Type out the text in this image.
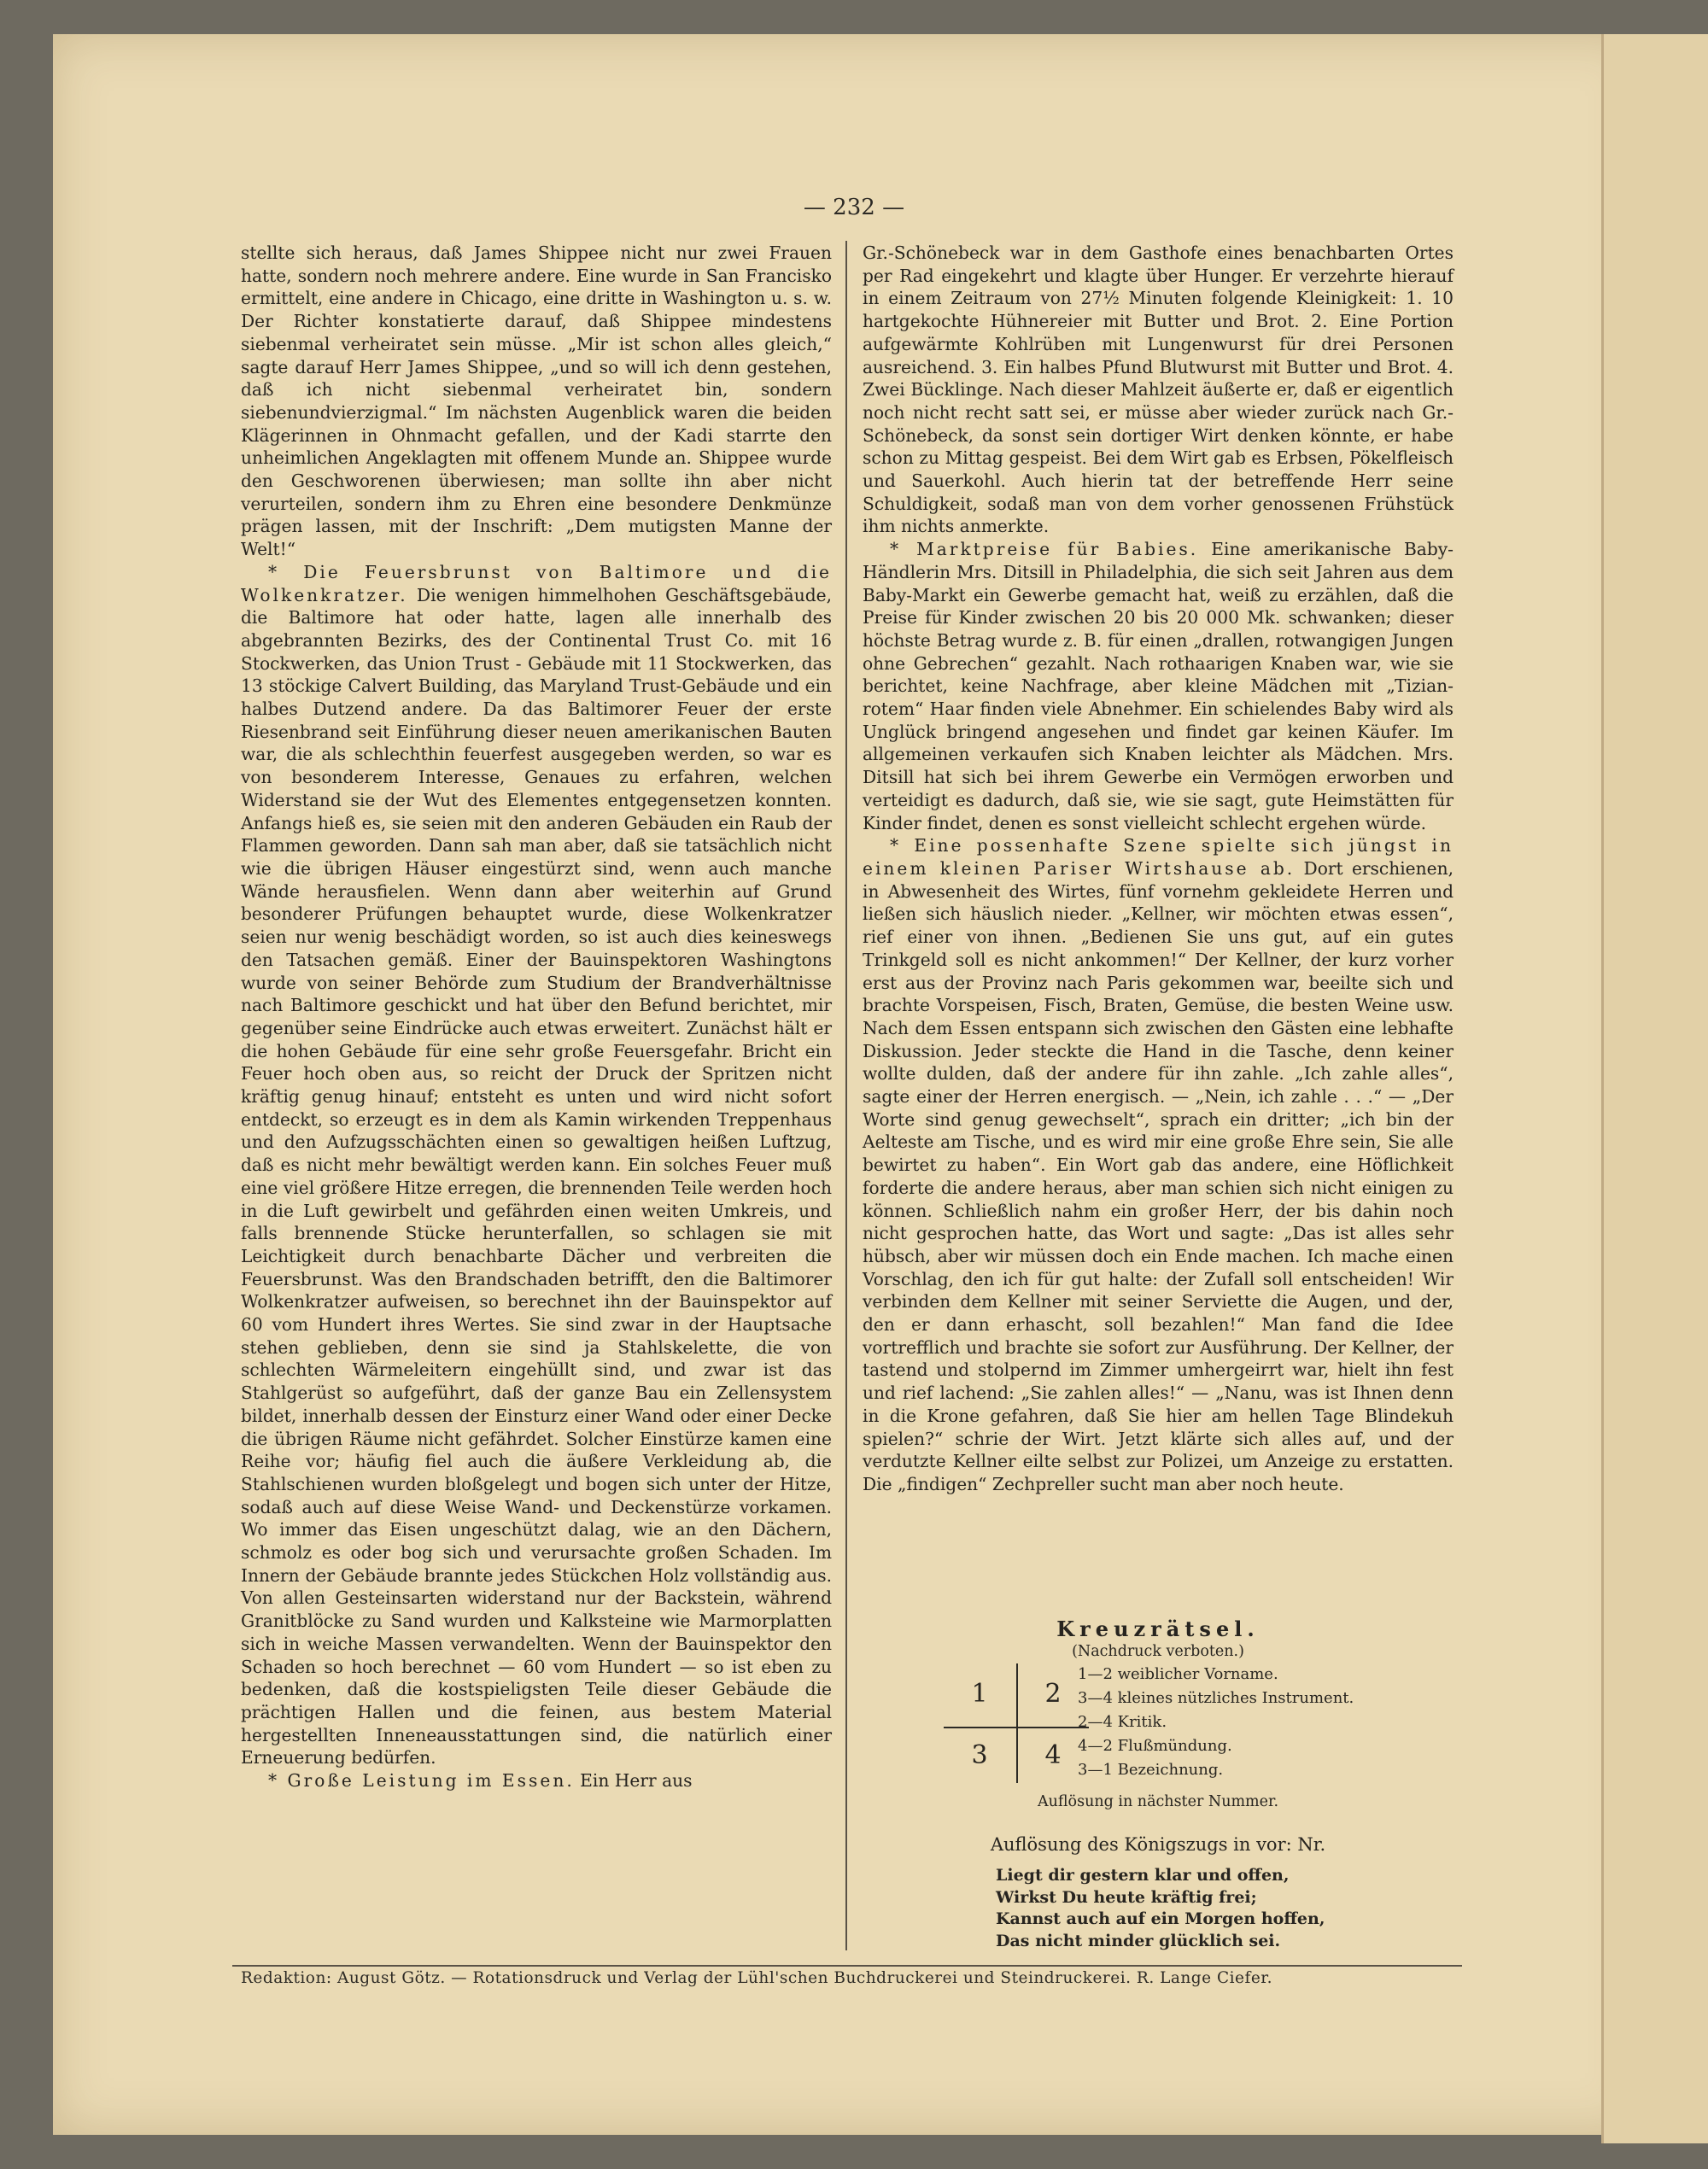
— 232 —

stellte sich heraus, daß James Shippee nicht nur zwei Frauen hatte, sondern noch mehrere andere. Eine wurde in San Francisko ermittelt, eine andere in Chicago, eine dritte in Washington u. s. w. Der Richter konstatierte darauf, daß Shippee mindestens siebenmal verheiratet sein müsse. „Mir ist schon alles gleich,“ sagte darauf Herr James Shippee, „und so will ich denn gestehen, daß ich nicht siebenmal verheiratet bin, sondern siebenundvierzigmal.“ Im nächsten Augenblick waren die beiden Klägerinnen in Ohnmacht gefallen, und der Kadi starrte den unheimlichen Angeklagten mit offenem Munde an. Shippee wurde den Geschworenen überwiesen; man sollte ihn aber nicht verurteilen, sondern ihm zu Ehren eine besondere Denkmünze prägen lassen, mit der Inschrift: „Dem mutigsten Manne der Welt!“

* Die Feuersbrunst von Baltimore und die Wolkenkratzer. Die wenigen himmelhohen Geschäftsgebäude, die Baltimore hat oder hatte, lagen alle innerhalb des abgebrannten Bezirks, des der Continental Trust Co. mit 16 Stockwerken, das Union Trust - Gebäude mit 11 Stockwerken, das 13 stöckige Calvert Building, das Maryland Trust-Gebäude und ein halbes Dutzend andere. Da das Baltimorer Feuer der erste Riesenbrand seit Einführung dieser neuen amerikanischen Bauten war, die als schlechthin feuerfest ausgegeben werden, so war es von besonderem Interesse, Genaues zu erfahren, welchen Widerstand sie der Wut des Elementes entgegensetzen konnten. Anfangs hieß es, sie seien mit den anderen Gebäuden ein Raub der Flammen geworden. Dann sah man aber, daß sie tatsächlich nicht wie die übrigen Häuser eingestürzt sind, wenn auch manche Wände herausfielen. Wenn dann aber weiterhin auf Grund besonderer Prüfungen behauptet wurde, diese Wolkenkratzer seien nur wenig beschädigt worden, so ist auch dies keineswegs den Tatsachen gemäß. Einer der Bauinspektoren Washingtons wurde von seiner Behörde zum Studium der Brandverhältnisse nach Baltimore geschickt und hat über den Befund berichtet, mir gegenüber seine Eindrücke auch etwas erweitert. Zunächst hält er die hohen Gebäude für eine sehr große Feuersgefahr. Bricht ein Feuer hoch oben aus, so reicht der Druck der Spritzen nicht kräftig genug hinauf; entsteht es unten und wird nicht sofort entdeckt, so erzeugt es in dem als Kamin wirkenden Treppenhaus und den Aufzugsschächten einen so gewaltigen heißen Luftzug, daß es nicht mehr bewältigt werden kann. Ein solches Feuer muß eine viel größere Hitze erregen, die brennenden Teile werden hoch in die Luft gewirbelt und gefährden einen weiten Umkreis, und falls brennende Stücke herunterfallen, so schlagen sie mit Leichtigkeit durch benachbarte Dächer und verbreiten die Feuersbrunst. Was den Brandschaden betrifft, den die Baltimorer Wolkenkratzer aufweisen, so berechnet ihn der Bauinspektor auf 60 vom Hundert ihres Wertes. Sie sind zwar in der Hauptsache stehen geblieben, denn sie sind ja Stahlskelette, die von schlechten Wärmeleitern eingehüllt sind, und zwar ist das Stahlgerüst so aufgeführt, daß der ganze Bau ein Zellensystem bildet, innerhalb dessen der Einsturz einer Wand oder einer Decke die übrigen Räume nicht gefährdet. Solcher Einstürze kamen eine Reihe vor; häufig fiel auch die äußere Verkleidung ab, die Stahlschienen wurden bloßgelegt und bogen sich unter der Hitze, sodaß auch auf diese Weise Wand- und Deckenstürze vorkamen. Wo immer das Eisen ungeschützt dalag, wie an den Dächern, schmolz es oder bog sich und verursachte großen Schaden. Im Innern der Gebäude brannte jedes Stückchen Holz vollständig aus. Von allen Gesteinsarten widerstand nur der Backstein, während Granitblöcke zu Sand wurden und Kalksteine wie Marmorplatten sich in weiche Massen verwandelten. Wenn der Bauinspektor den Schaden so hoch berechnet — 60 vom Hundert — so ist eben zu bedenken, daß die kostspieligsten Teile dieser Gebäude die prächtigen Hallen und die feinen, aus bestem Material hergestellten Inneneausstattungen sind, die natürlich einer Erneuerung bedürfen.

* Große Leistung im Essen. Ein Herr aus

Gr.-Schönebeck war in dem Gasthofe eines benachbarten Ortes per Rad eingekehrt und klagte über Hunger. Er verzehrte hierauf in einem Zeitraum von 27½ Minuten folgende Kleinigkeit: 1. 10 hartgekochte Hühnereier mit Butter und Brot. 2. Eine Portion aufgewärmte Kohlrüben mit Lungenwurst für drei Personen ausreichend. 3. Ein halbes Pfund Blutwurst mit Butter und Brot. 4. Zwei Bücklinge. Nach dieser Mahlzeit äußerte er, daß er eigentlich noch nicht recht satt sei, er müsse aber wieder zurück nach Gr.-Schönebeck, da sonst sein dortiger Wirt denken könnte, er habe schon zu Mittag gespeist. Bei dem Wirt gab es Erbsen, Pökelfleisch und Sauerkohl. Auch hierin tat der betreffende Herr seine Schuldigkeit, sodaß man von dem vorher genossenen Frühstück ihm nichts anmerkte.

* Marktpreise für Babies. Eine amerikanische Baby-Händlerin Mrs. Ditsill in Philadelphia, die sich seit Jahren aus dem Baby-Markt ein Gewerbe gemacht hat, weiß zu erzählen, daß die Preise für Kinder zwischen 20 bis 20 000 Mk. schwanken; dieser höchste Betrag wurde z. B. für einen „drallen, rotwangigen Jungen ohne Gebrechen“ gezahlt. Nach rothaarigen Knaben war, wie sie berichtet, keine Nachfrage, aber kleine Mädchen mit „Tizian-rotem“ Haar finden viele Abnehmer. Ein schielendes Baby wird als Unglück bringend angesehen und findet gar keinen Käufer. Im allgemeinen verkaufen sich Knaben leichter als Mädchen. Mrs. Ditsill hat sich bei ihrem Gewerbe ein Vermögen erworben und verteidigt es dadurch, daß sie, wie sie sagt, gute Heimstätten für Kinder findet, denen es sonst vielleicht schlecht ergehen würde.

* Eine possenhafte Szene spielte sich jüngst in einem kleinen Pariser Wirtshause ab. Dort erschienen, in Abwesenheit des Wirtes, fünf vornehm gekleidete Herren und ließen sich häuslich nieder. „Kellner, wir möchten etwas essen“, rief einer von ihnen. „Bedienen Sie uns gut, auf ein gutes Trinkgeld soll es nicht ankommen!“ Der Kellner, der kurz vorher erst aus der Provinz nach Paris gekommen war, beeilte sich und brachte Vorspeisen, Fisch, Braten, Gemüse, die besten Weine usw. Nach dem Essen entspann sich zwischen den Gästen eine lebhafte Diskussion. Jeder steckte die Hand in die Tasche, denn keiner wollte dulden, daß der andere für ihn zahle. „Ich zahle alles“, sagte einer der Herren energisch. — „Nein, ich zahle . . .“ — „Der Worte sind genug gewechselt“, sprach ein dritter; „ich bin der Aelteste am Tische, und es wird mir eine große Ehre sein, Sie alle bewirtet zu haben“. Ein Wort gab das andere, eine Höflichkeit forderte die andere heraus, aber man schien sich nicht einigen zu können. Schließlich nahm ein großer Herr, der bis dahin noch nicht gesprochen hatte, das Wort und sagte: „Das ist alles sehr hübsch, aber wir müssen doch ein Ende machen. Ich mache einen Vorschlag, den ich für gut halte: der Zufall soll entscheiden! Wir verbinden dem Kellner mit seiner Serviette die Augen, und der, den er dann erhascht, soll bezahlen!“ Man fand die Idee vortrefflich und brachte sie sofort zur Ausführung. Der Kellner, der tastend und stolpernd im Zimmer umhergeirrt war, hielt ihn fest und rief lachend: „Sie zahlen alles!“ — „Nanu, was ist Ihnen denn in die Krone gefahren, daß Sie hier am hellen Tage Blindekuh spielen?“ schrie der Wirt. Jetzt klärte sich alles auf, und der verdutzte Kellner eilte selbst zur Polizei, um Anzeige zu erstatten. Die „findigen“ Zechpreller sucht man aber noch heute.

Kreuzrätsel.
(Nachdruck verboten.)
1	2
3	4
1—2 weiblicher Vorname.
3—4 kleines nützliches Instrument.
2—4 Kritik.
4—2 Flußmündung.
3—1 Bezeichnung.
Auflösung in nächster Nummer.
Auflösung des Königszugs in vor: Nr.
Liegt dir gestern klar und offen,
Wirkst Du heute kräftig frei;
Kannst auch auf ein Morgen hoffen,
Das nicht minder glücklich sei.
Redaktion: August Götz. — Rotationsdruck und Verlag der Lühl'schen Buchdruckerei und Steindruckerei. R. Lange Ciefer.
